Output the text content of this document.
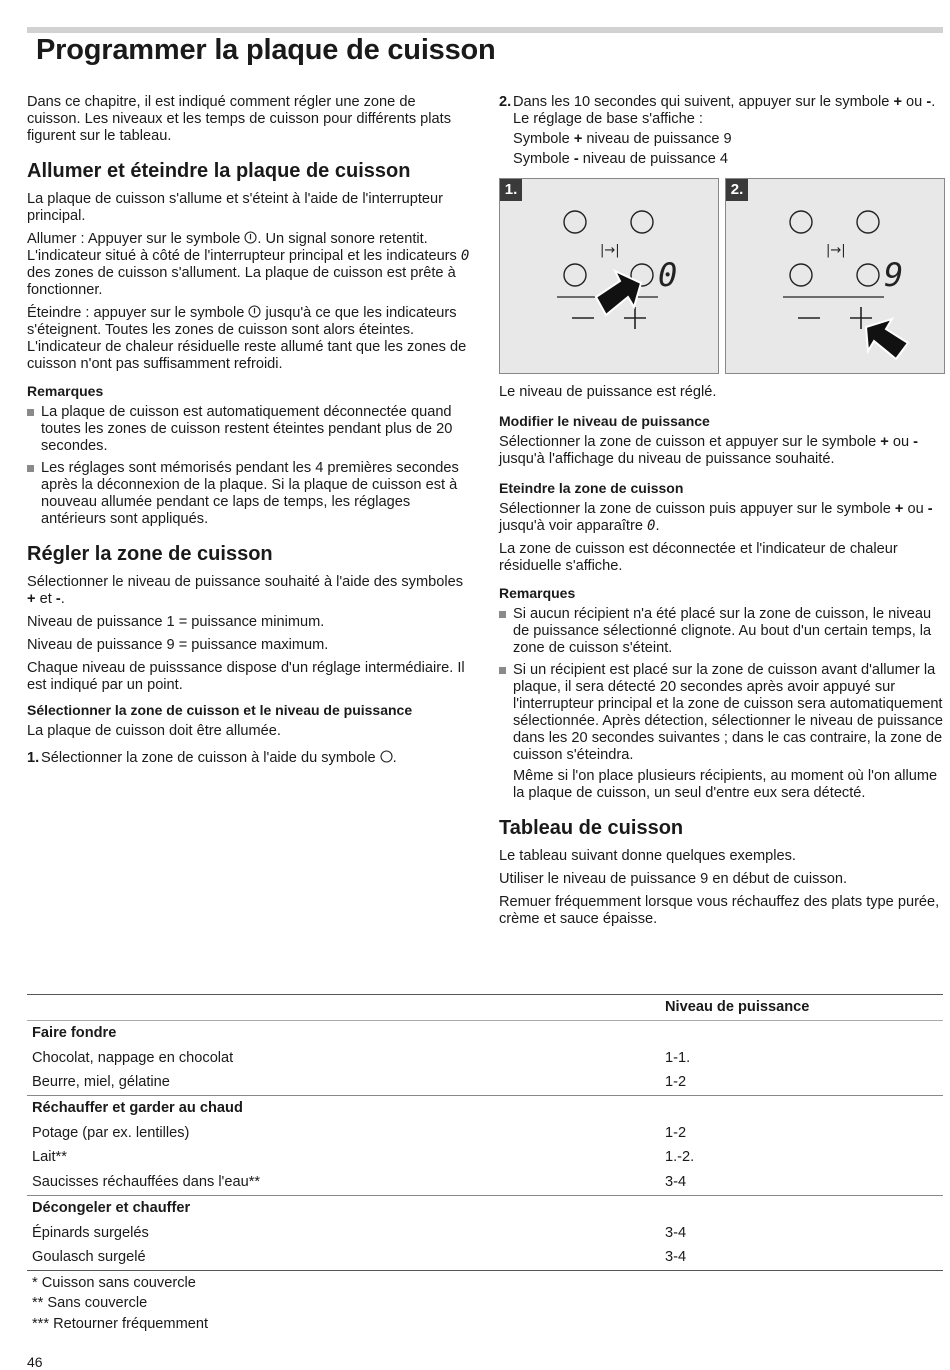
Programmer la plaque de cuisson

Dans ce chapitre, il est indiqué comment régler une zone de cuisson. Les niveaux et les temps de cuisson pour différents plats figurent sur le tableau.

Allumer et éteindre la plaque de cuisson

La plaque de cuisson s'allume et s'éteint à l'aide de l'interrupteur principal.

Allumer : Appuyer sur le symbole . Un signal sonore retentit. L'indicateur situé à côté de l'interrupteur principal et les indicateurs 0 des zones de cuisson s'allument. La plaque de cuisson est prête à fonctionner.

Éteindre : appuyer sur le symbole  jusqu'à ce que les indicateurs s'éteignent. Toutes les zones de cuisson sont alors éteintes. L'indicateur de chaleur résiduelle reste allumé tant que les zones de cuisson n'ont pas suffisamment refroidi.

Remarques
La plaque de cuisson est automatiquement déconnectée quand toutes les zones de cuisson restent éteintes pendant plus de 20 secondes.
Les réglages sont mémorisés pendant les 4 premières secondes après la déconnexion de la plaque. Si la plaque de cuisson est à nouveau allumée pendant ce laps de temps, les réglages antérieurs sont appliqués.
Régler la zone de cuisson

Sélectionner le niveau de puissance souhaité à l'aide des symboles + et -.

Niveau de puissance 1 = puissance minimum.

Niveau de puissance 9 = puissance maximum.

Chaque niveau de puisssance dispose d'un réglage intermédiaire. Il est indiqué par un point.

Sélectionner la zone de cuisson et le niveau de puissance

La plaque de cuisson doit être allumée.

1. Sélectionner la zone de cuisson à l'aide du symbole .

2. Dans les 10 secondes qui suivent, appuyer sur le symbole + ou -. Le réglage de base s'affiche :

Symbole + niveau de puissance 9

Symbole - niveau de puissance 4

1.
|→|
0
2.
|→|
9

Le niveau de puissance est réglé.

Modifier le niveau de puissance

Sélectionner la zone de cuisson et appuyer sur le symbole + ou - jusqu'à l'affichage du niveau de puissance souhaité.

Eteindre la zone de cuisson

Sélectionner la zone de cuisson puis appuyer sur le symbole + ou - jusqu'à voir apparaître 0.

La zone de cuisson est déconnectée et l'indicateur de chaleur résiduelle s'affiche.

Remarques
Si aucun récipient n'a été placé sur la zone de cuisson, le niveau de puissance sélectionné clignote. Au bout d'un certain temps, la zone de cuisson s'éteint.
Si un récipient est placé sur la zone de cuisson avant d'allumer la plaque, il sera détecté 20 secondes après avoir appuyé sur l'interrupteur principal et la zone de cuisson sera automatiquement sélectionnée. Après détection, sélectionner le niveau de puissance dans les 20 secondes suivantes ; dans le cas contraire, la zone de cuisson s'éteindra.
Même si l'on place plusieurs récipients, au moment où l'on allume la plaque de cuisson, un seul d'entre eux sera détecté.
Tableau de cuisson

Le tableau suivant donne quelques exemples.

Utiliser le niveau de puissance 9 en début de cuisson.

Remuer fréquemment lorsque vous réchauffez des plats type purée, crème et sauce épaisse.

Niveau de puissance
Faire fondre
Chocolat, nappage en chocolat	1-1.
Beurre, miel, gélatine	1-2
Réchauffer et garder au chaud
Potage (par ex. lentilles)	1-2
Lait**	1.-2.
Saucisses réchauffées dans l'eau**	3-4
Décongeler et chauffer
Épinards surgelés	3-4
Goulasch surgelé	3-4
* Cuisson sans couvercle
** Sans couvercle
*** Retourner fréquemment
46
